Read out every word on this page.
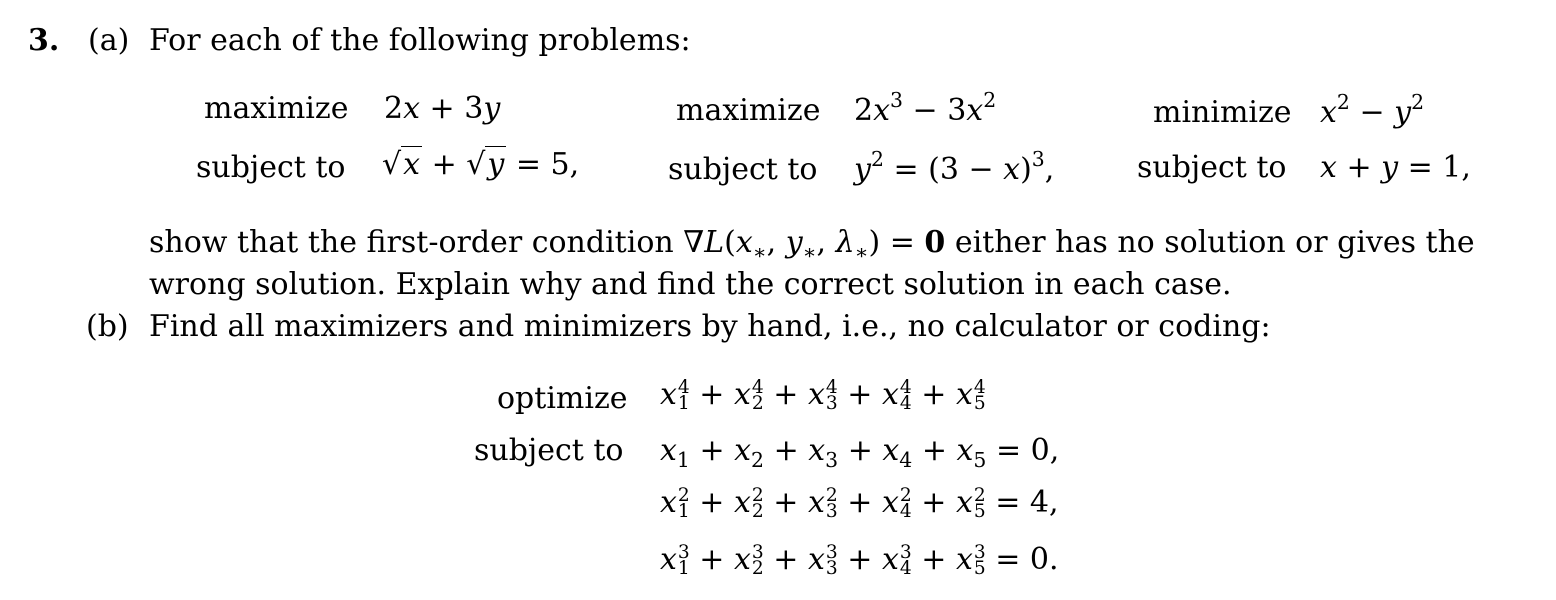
3. (a) For each of the following problems:
maximize 2x + 3y
subject to √x + √y = 5,
maximize $2x^3 - 3x^2$
subject to $y^2 = (3 - x)^3$,
minimize $x^2 - y^2$
subject to x + y = 1,
show that the first-order condition $\nabla L(x_∗$, $y_∗$, $\lambda_∗) = 0$ either has no solution or gives the
wrong solution. Explain why and find the correct solution in each case.
(b) Find all maximizers and minimizers by hand, i.e., no calculator or coding:
optimize x 4
1 + x 4
2 + x 4
3 + x 4
4 + x 4
5
subject to $x_1 + x_2 + x_3 + x_4 + x_5 = 0$,
x 2
1 + x 2
2 + x 2
3 + x 2
4 + x 2
5 = 4,
x 3
1 + x 3
2 + x 3
3 + x 3
4 + x 3
5 = 0.
